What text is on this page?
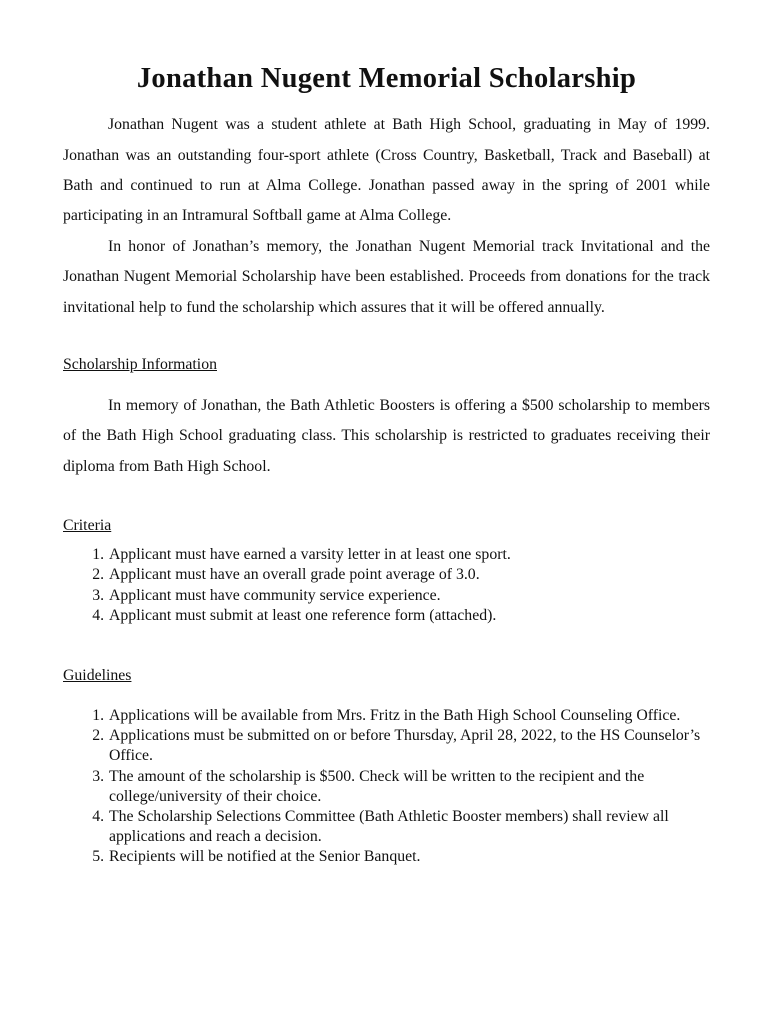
Jonathan Nugent Memorial Scholarship

Jonathan Nugent was a student athlete at Bath High School, graduating in May of 1999. Jonathan was an outstanding four-sport athlete (Cross Country, Basketball, Track and Baseball) at Bath and continued to run at Alma College. Jonathan passed away in the spring of 2001 while participating in an Intramural Softball game at Alma College.

In honor of Jonathan’s memory, the Jonathan Nugent Memorial track Invitational and the Jonathan Nugent Memorial Scholarship have been established. Proceeds from donations for the track invitational help to fund the scholarship which assures that it will be offered annually.

Scholarship Information

In memory of Jonathan, the Bath Athletic Boosters is offering a $500 scholarship to members of the Bath High School graduating class. This scholarship is restricted to graduates receiving their diploma from Bath High School.

Criteria

1. Applicant must have earned a varsity letter in at least one sport.
2. Applicant must have an overall grade point average of 3.0.
3. Applicant must have community service experience.
4. Applicant must submit at least one reference form (attached).

Guidelines

1. Applications will be available from Mrs. Fritz in the Bath High School Counseling Office.
2. Applications must be submitted on or before Thursday, April 28, 2022, to the HS Counselor’s Office.
3. The amount of the scholarship is $500. Check will be written to the recipient and the college/university of their choice.
4. The Scholarship Selections Committee (Bath Athletic Booster members) shall review all applications and reach a decision.
5. Recipients will be notified at the Senior Banquet.
